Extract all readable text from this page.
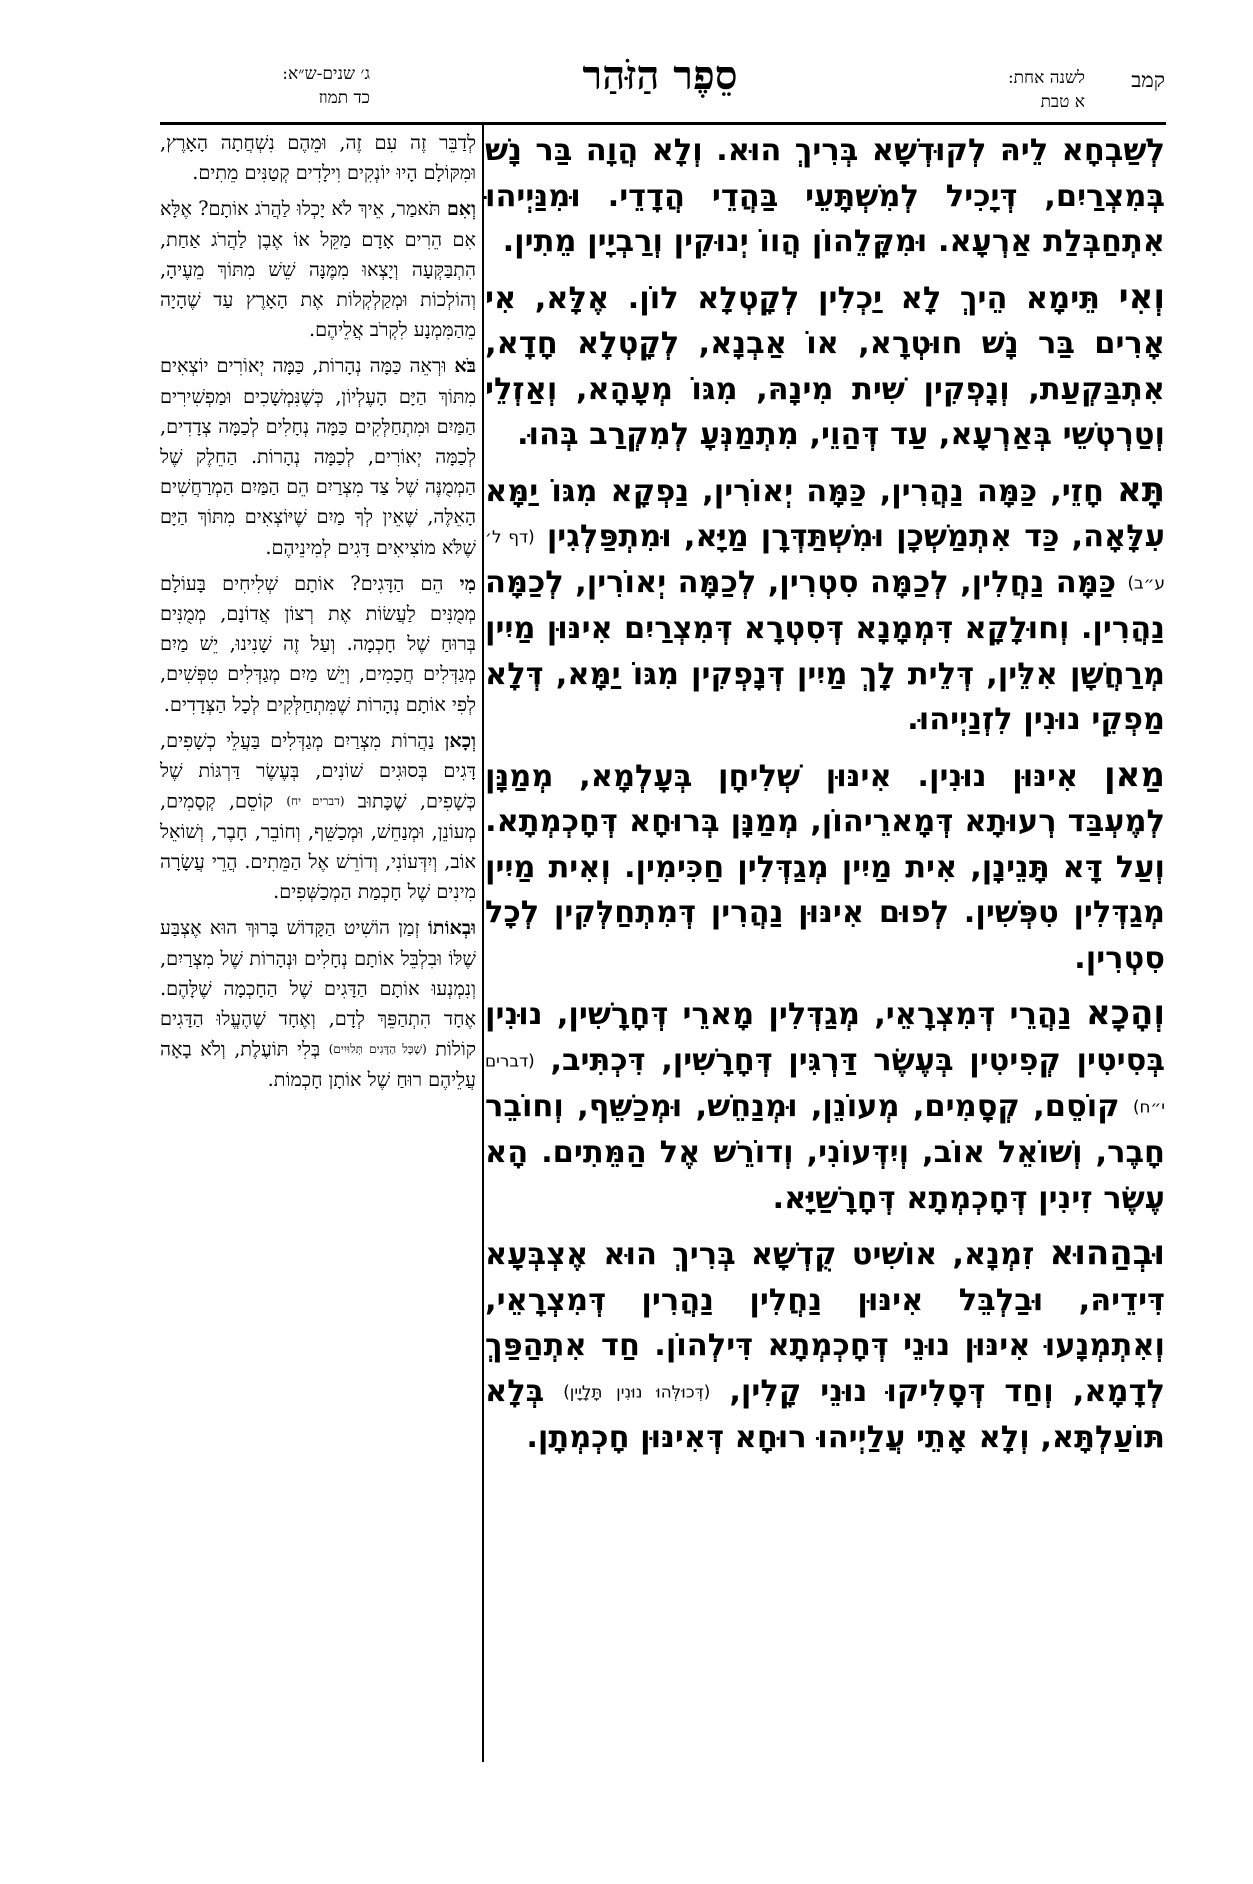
קמב
לשנה אחת:
א טבת
סֵפֶר הַזֹּהַר
ג׳ שנים-ש״א:
כד תמוז

לְשַׁבְחָא לֵיהּ לְקוּדְשָׁא בְּרִיךְ הוּא. וְלָא הֲוָה בַּר נָשׁ בְּמִצְרַיִם, דְּיָכִיל לְמִשְׁתָּעֵי בַּהֲדֵי הֲדָדֵי. וּמִנַּיְיהוּ אִתְחַבְּלַת אַרְעָא. וּמִקָּלֵהוֹן הֲווֹ יְנוּקִין וְרַבְיָין מֵתִין.

וְאִי תֵּימָא הֵיךְ לָא יַכְלִין לְקָטְלָא לוֹן. אֶלָּא, אִי אָרִים בַּר נָשׁ חוּטְרָא, אוֹ אַבְנָא, לְקָטְלָא חָדָא, אִתְבַּקְעַת, וְנָפְקִין שִׁית מִינָהּ, מִגּוֹ מְעָהָא, וְאַזְלֵי וְטַרְטְשֵׁי בְּאַרְעָא, עַד דְּהַוֵי, מִתְמַנְּעָ לְמִקְרַב בְּהוּ.

תָּא חָזֵי, כַּמָּה נַהֲרִין, כַּמָּה יְאוֹרִין, נַפְקָא מִגּוֹ יַמָּא עִלָּאָה, כַּד אִתְמַשְׁכָן וּמִשְׁתַּדְּרָן מַיָּא, וּמִתְפַּלְגִין (דף ל׳ ע״ב) כַּמָּה נַחֲלִין, לְכַמָּה סִטְרִין, לְכַמָּה יְאוֹרִין, לְכַמָּה נַהֲרִין. וְחוּלָקָא דִּמְמָנָא דְּסִטְרָא דְּמִצְרַיִם אִינּוּן מַיִין מְרַחֲשָׁן אִלֵּין, דְּלֵית לָךְ מַיִין דְּנָפְקִין מִגּוֹ יַמָּא, דְּלָא מַפְקֵי נוּנִין לִזְנַיְיהוּ.

מַאן אִינּוּן נוּנִין. אִינּוּן שְׁלִיחָן בְּעָלְמָא, מְמַנָּן לְמֶעְבַּד רְעוּתָא דְּמָארֵיהוֹן, מְמַנָּן בְּרוּחָא דְּחָכְמְתָא. וְעַל דָּא תָּנֵינָן, אִית מַיִין מְגַדְּלִין חַכִּימִין. וְאִית מַיִין מְגַדְּלִין טִפְּשִׁין. לְפוּם אִינּוּן נַהֲרִין דְּמִתְחַלְּקִין לְכָל סִטְרִין.

וְהָכָא נַהֲרֵי דְּמִצְרָאֵי, מְגַדְּלִין מָארֵי דְּחָרָשִׁין, נוּנִין בְּסִיטִין קְפִיטִין בְּעֶשֶׂר דַּרְגִּין דְּחָרָשִׁין, דִּכְתִּיב, (דברים י״ח) קוֹסֵם, קְסָמִים, מְעוֹנֵן, וּמְנַחֵשׁ, וּמְכַשֵּׁף, וְחוֹבֵר חָבֶר, וְשׁוֹאֵל אוֹב, וְיִדְּעוֹנִי, וְדוֹרֵשׁ אֶל הַמֵּתִים. הָא עֶשֶׂר זִינִין דְּחָכְמְתָא דְּחָרָשַׁיָּא.

וּבְהַהוּא זִמְנָא, אוֹשִׁיט קֻדְשָׁא בְּרִיךְ הוּא אֶצְבְּעָא דִּידֵיהּ, וּבַלְבֵּל אִינּוּן נַחֲלִין נַהֲרִין דְּמִצְרָאֵי, וְאִתְמְנָעוּ אִינּוּן נוּנֵי דְּחָכְמְתָא דִּילְהוֹן. חַד אִתְהַפַּךְ לְדָמָא, וְחַד דְּסָלִיקוּ נוּנֵי קָלִין, (דְּכוּלְּהוּ נוּנִין תָּלָיָין) בְּלָא תּוֹעַלְתָּא, וְלָא אָתֵי עֲלַיְיהוּ רוּחָא דְּאִינּוּן חָכְמְתָן.

לְדַבֵּר זֶה עִם זֶה, וּמֵהֶם נִשְׁחֲתָה הָאָרֶץ, וּמִקּוֹלָם הָיוּ יוֹנְקִים וִילָדִים קְטַנִּים מֵתִים.

וְאִם תֹּאמַר, אֵיךְ לֹא יָכְלוּ לַהֲרֹג אוֹתָם? אֶלָּא אִם הֵרִים אָדָם מַקֵּל אוֹ אֶבֶן לַהֲרֹג אַחַת, הִתְבַּקְּעָה וְיָצְאוּ מִמֶּנָּה שֵׁשׁ מִתּוֹךְ מֵעֶיהָ, וְהוֹלְכוֹת וּמְקַלְקְלוֹת אֶת הָאָרֶץ עַד שֶׁהָיָה מֵהַמִּמְנָע לִקְרֹב אֲלֵיהֶם.

בֹּא וּרְאֵה כַּמָּה נְהָרוֹת, כַּמָּה יְאוֹרִים יוֹצְאִים מִתּוֹךְ הַיָּם הָעֶלְיוֹן, כְּשֶׁנִּמְשָׁכִים וּמַפְשִׁירִים הַמַּיִם וּמִתְחַלְּקִים כַּמָּה נְחָלִים לְכַמָּה צְדָדִים, לְכַמָּה יְאוֹרִים, לְכַמָּה נְהָרוֹת. הַחֵלֶק שֶׁל הַמְמֻנֶּה שֶׁל צַד מִצְרַיִם הֵם הַמַּיִם הַמְרַחֲשִׁים הָאֵלֶּה, שֶׁאֵין לְךָ מַיִם שֶׁיּוֹצְאִים מִתּוֹךְ הַיָּם שֶׁלֹּא מוֹצִיאִים דָּגִים לְמִינֵיהֶם.

מִי הֵם הַדָּגִים? אוֹתָם שְׁלִיחִים בָּעוֹלָם מְמֻנִּים לַעֲשׂוֹת אֶת רְצוֹן אֲדוֹנָם, מְמֻנִּים בְּרוּחַ שֶׁל חָכְמָה. וְעַל זֶה שָׁנִינוּ, יֵשׁ מַיִם מְגַדְּלִים חֲכָמִים, וְיֵשׁ מַיִם מְגַדְּלִים טִפְּשִׁים, לְפִי אוֹתָם נְהָרוֹת שֶׁמִּתְחַלְּקִים לְכָל הַצְּדָדִים.

וְכָאן נַהֲרוֹת מִצְרַיִם מְגַדְּלִים בַּעֲלֵי כְשָׁפִים, דָּגִים בְּסוּגִים שׁוֹנִים, בְּעֶשֶׂר דַּרְגּוֹת שֶׁל כְּשָׁפִים, שֶׁכָּתוּב (דברים יח) קוֹסֵם, קְסָמִים, מְעוֹנֵן, וּמְנַחֵשׁ, וּמְכַשֵּׁף, וְחוֹבֵר, חָבֶר, וְשׁוֹאֵל אוֹב, וְיִדְּעוֹנִי, וְדוֹרֵשׁ אֶל הַמֵּתִים. הֲרֵי עֲשָׂרָה מִינִים שֶׁל חָכְמַת הַמְכַשְּׁפִים.

וּבְאוֹתוֹ זְמַן הוֹשִׁיט הַקָּדוֹשׁ בָּרוּךְ הוּא אֶצְבַּע שֶׁלּוֹ וּבִלְבֵּל אוֹתָם נְחָלִים וּנְהָרוֹת שֶׁל מִצְרַיִם, וְנִמְנְעוּ אוֹתָם הַדָּגִים שֶׁל הַחָכְמָה שֶׁלָּהֶם. אֶחָד הִתְהַפֵּךְ לְדָם, וְאֶחָד שֶׁהֶעֱלוּ הַדָּגִים קוֹלוֹת (שֶׁכָּל הַדָּגִים תְּלוּיִים) בְּלִי תּוֹעֶלֶת, וְלֹא בָאָה עֲלֵיהֶם רוּחַ שֶׁל אוֹתָן חָכְמוֹת.
